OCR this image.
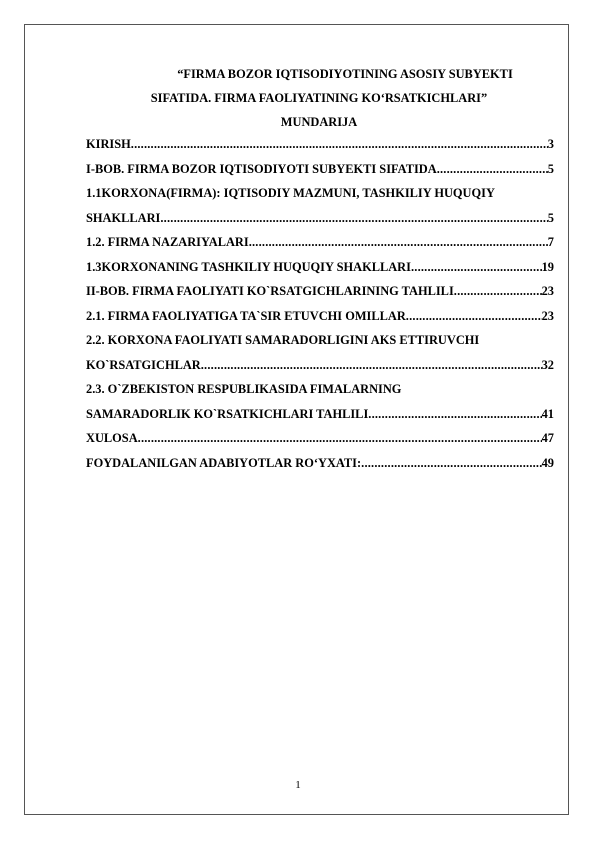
“FIRMA BOZOR IQTISODIYOTINING ASOSIY SUBYEKTI
SIFATIDA. FIRMA FAOLIYATINING KO‘RSATKICHLARI”
MUNDARIJA
KIRISH .....	3
I-BOB. FIRMA BOZOR IQTISODIYOTI SUBYEKTI SIFATIDA .....	5
1.1KORXONA(FIRMA): IQTISODIY MAZMUNI, TASHKILIY HUQUQIY
SHAKLLARI .....	5
1.2. FIRMA NAZARIYALARI .....	7
1.3KORXONANING TASHKILIY HUQUQIY SHAKLLARI .....	19
II-BOB. FIRMA FAOLIYATI KO`RSATGICHLARINING TAHLILI .....	23
2.1. FIRMA FAOLIYATIGA TA`SIR ETUVCHI OMILLAR .....	23
2.2. KORXONA FAOLIYATI SAMARADORLIGINI AKS ETTIRUVCHI
KO`RSATGICHLAR .....	32
2.3. O`ZBEKISTON RESPUBLIKASIDA FIMALARNING
SAMARADORLIK KO`RSATKICHLARI TAHLILI .....	41
XULOSA .....	47
FOYDALANILGAN ADABIYOTLAR RO‘YXATI: .....	49
1
